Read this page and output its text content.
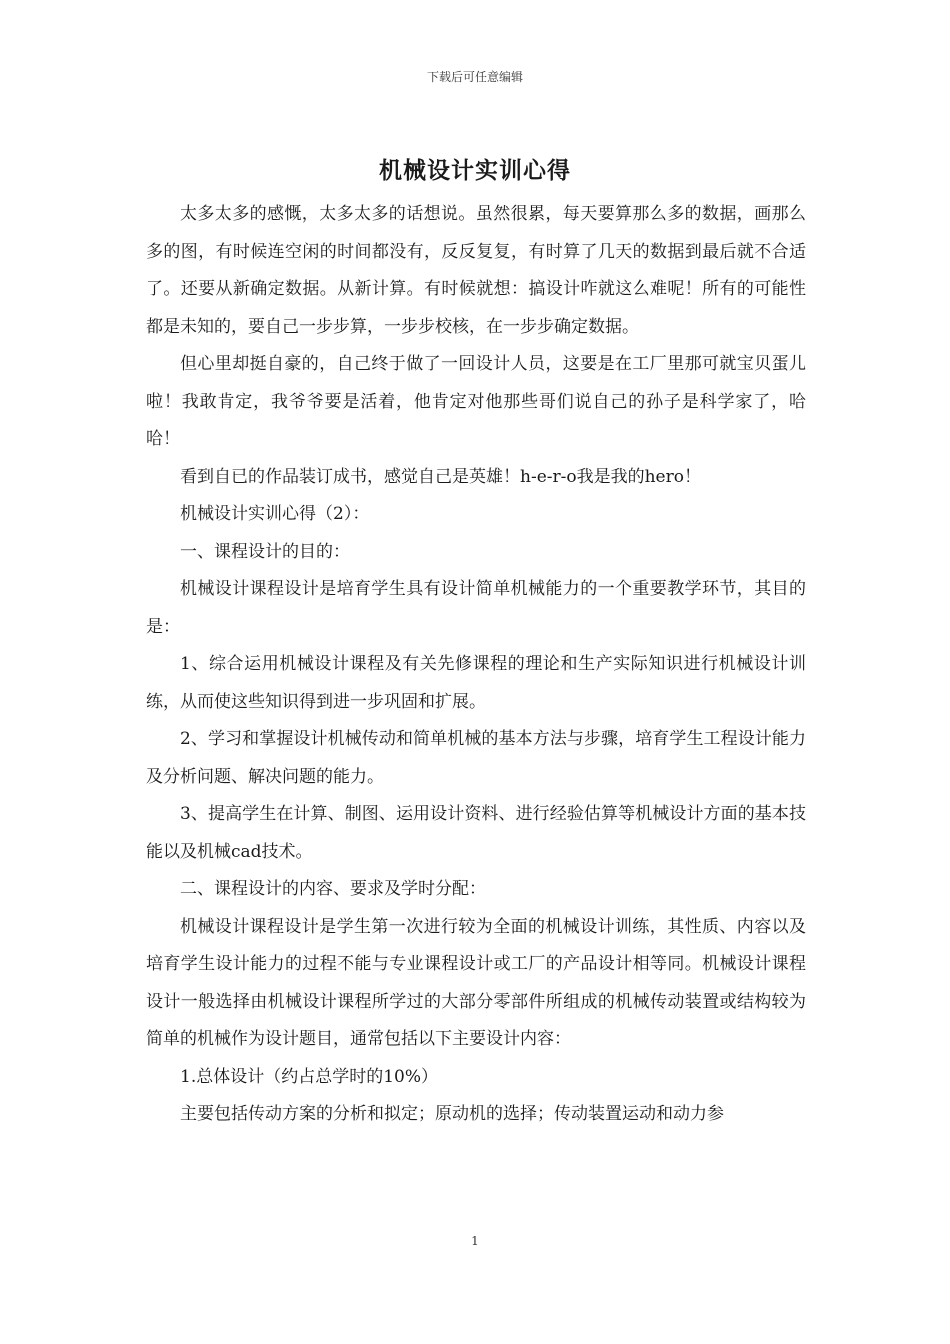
下载后可任意编辑
机械设计实训心得

太多太多的感慨，太多太多的话想说。虽然很累，每天要算那么多的数据，画那么多的图，有时候连空闲的时间都没有，反反复复，有时算了几天的数据到最后就不合适了。还要从新确定数据。从新计算。有时候就想：搞设计咋就这么难呢！所有的可能性都是未知的，要自己一步步算，一步步校核，在一步步确定数据。

但心里却挺自豪的，自己终于做了一回设计人员，这要是在工厂里那可就宝贝蛋儿啦！我敢肯定，我爷爷要是活着，他肯定对他那些哥们说自己的孙子是科学家了，哈哈！

看到自已的作品装订成书，感觉自己是英雄！h-e-r-o我是我的hero！

机械设计实训心得（2）：

一、课程设计的目的：

机械设计课程设计是培育学生具有设计简单机械能力的一个重要教学环节，其目的是：

1、综合运用机械设计课程及有关先修课程的理论和生产实际知识进行机械设计训练，从而使这些知识得到进一步巩固和扩展。

2、学习和掌握设计机械传动和简单机械的基本方法与步骤，培育学生工程设计能力及分析问题、解决问题的能力。

3、提高学生在计算、制图、运用设计资料、进行经验估算等机械设计方面的基本技能以及机械cad技术。

二、课程设计的内容、要求及学时分配：

机械设计课程设计是学生第一次进行较为全面的机械设计训练，其性质、内容以及培育学生设计能力的过程不能与专业课程设计或工厂的产品设计相等同。机械设计课程设计一般选择由机械设计课程所学过的大部分零部件所组成的机械传动装置或结构较为简单的机械作为设计题目，通常包括以下主要设计内容：

1.总体设计（约占总学时的10%）

主要包括传动方案的分析和拟定；原动机的选择；传动装置运动和动力参

1
